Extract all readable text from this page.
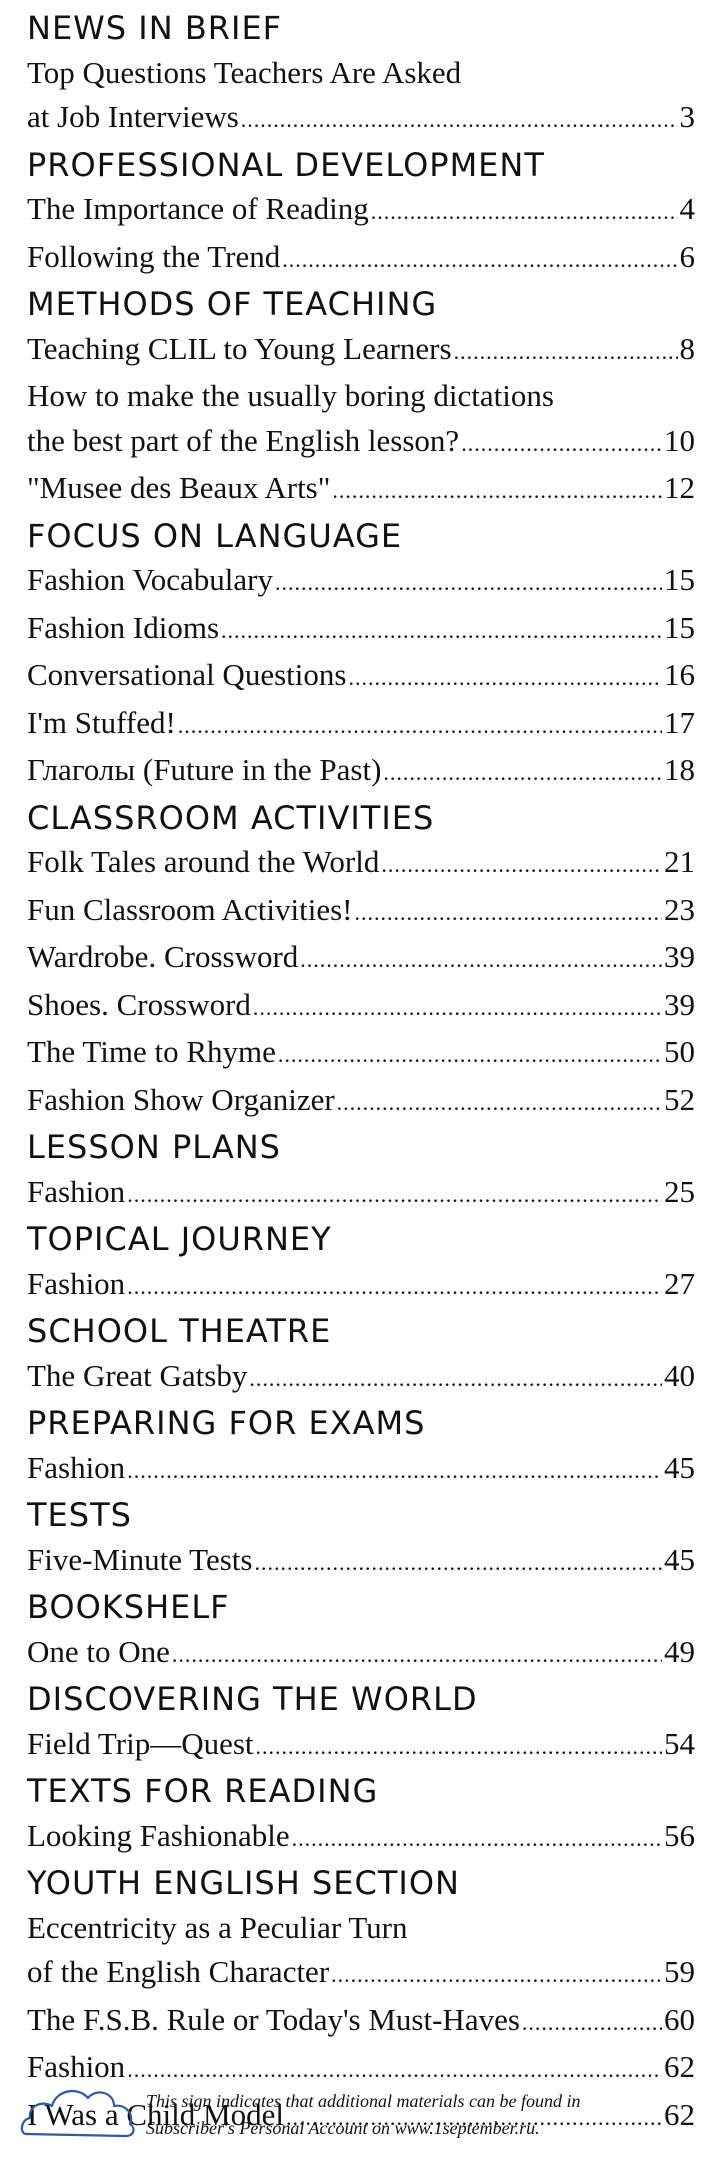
NEWS IN BRIEF
Top Questions Teachers Are Asked
at Job Interviews .....	3
PROFESSIONAL DEVELOPMENT
The Importance of Reading .....	4
Following the Trend .....	6
METHODS OF TEACHING
Teaching CLIL to Young Learners .....	8
How to make the usually boring dictations
the best part of the English lesson? .....	10
"Musee des Beaux Arts" .....	12
FOCUS ON LANGUAGE
Fashion Vocabulary .....	15
Fashion Idioms .....	15
Conversational Questions .....	16
I'm Stuffed! .....	17
Глаголы (Future in the Past) .....	18
CLASSROOM ACTIVITIES
Folk Tales around the World .....	21
Fun Classroom Activities! .....	23
Wardrobe. Crossword .....	39
Shoes. Crossword .....	39
The Time to Rhyme .....	50
Fashion Show Organizer .....	52
LESSON PLANS
Fashion .....	25
TOPICAL JOURNEY
Fashion .....	27
SCHOOL THEATRE
The Great Gatsby .....	40
PREPARING FOR EXAMS
Fashion .....	45
TESTS
Five-Minute Tests .....	45
BOOKSHELF
One to One .....	49
DISCOVERING THE WORLD
Field Trip—Quest .....	54
TEXTS FOR READING
Looking Fashionable .....	56
YOUTH ENGLISH SECTION
Eccentricity as a Peculiar Turn
of the English Character .....	59
The F.S.B. Rule or Today's Must-Haves .....	60
Fashion .....	62
I Was a Child Model .....	62
This sign indicates that additional materials can be found in
Subscriber's Personal Account on www.1september.ru.
